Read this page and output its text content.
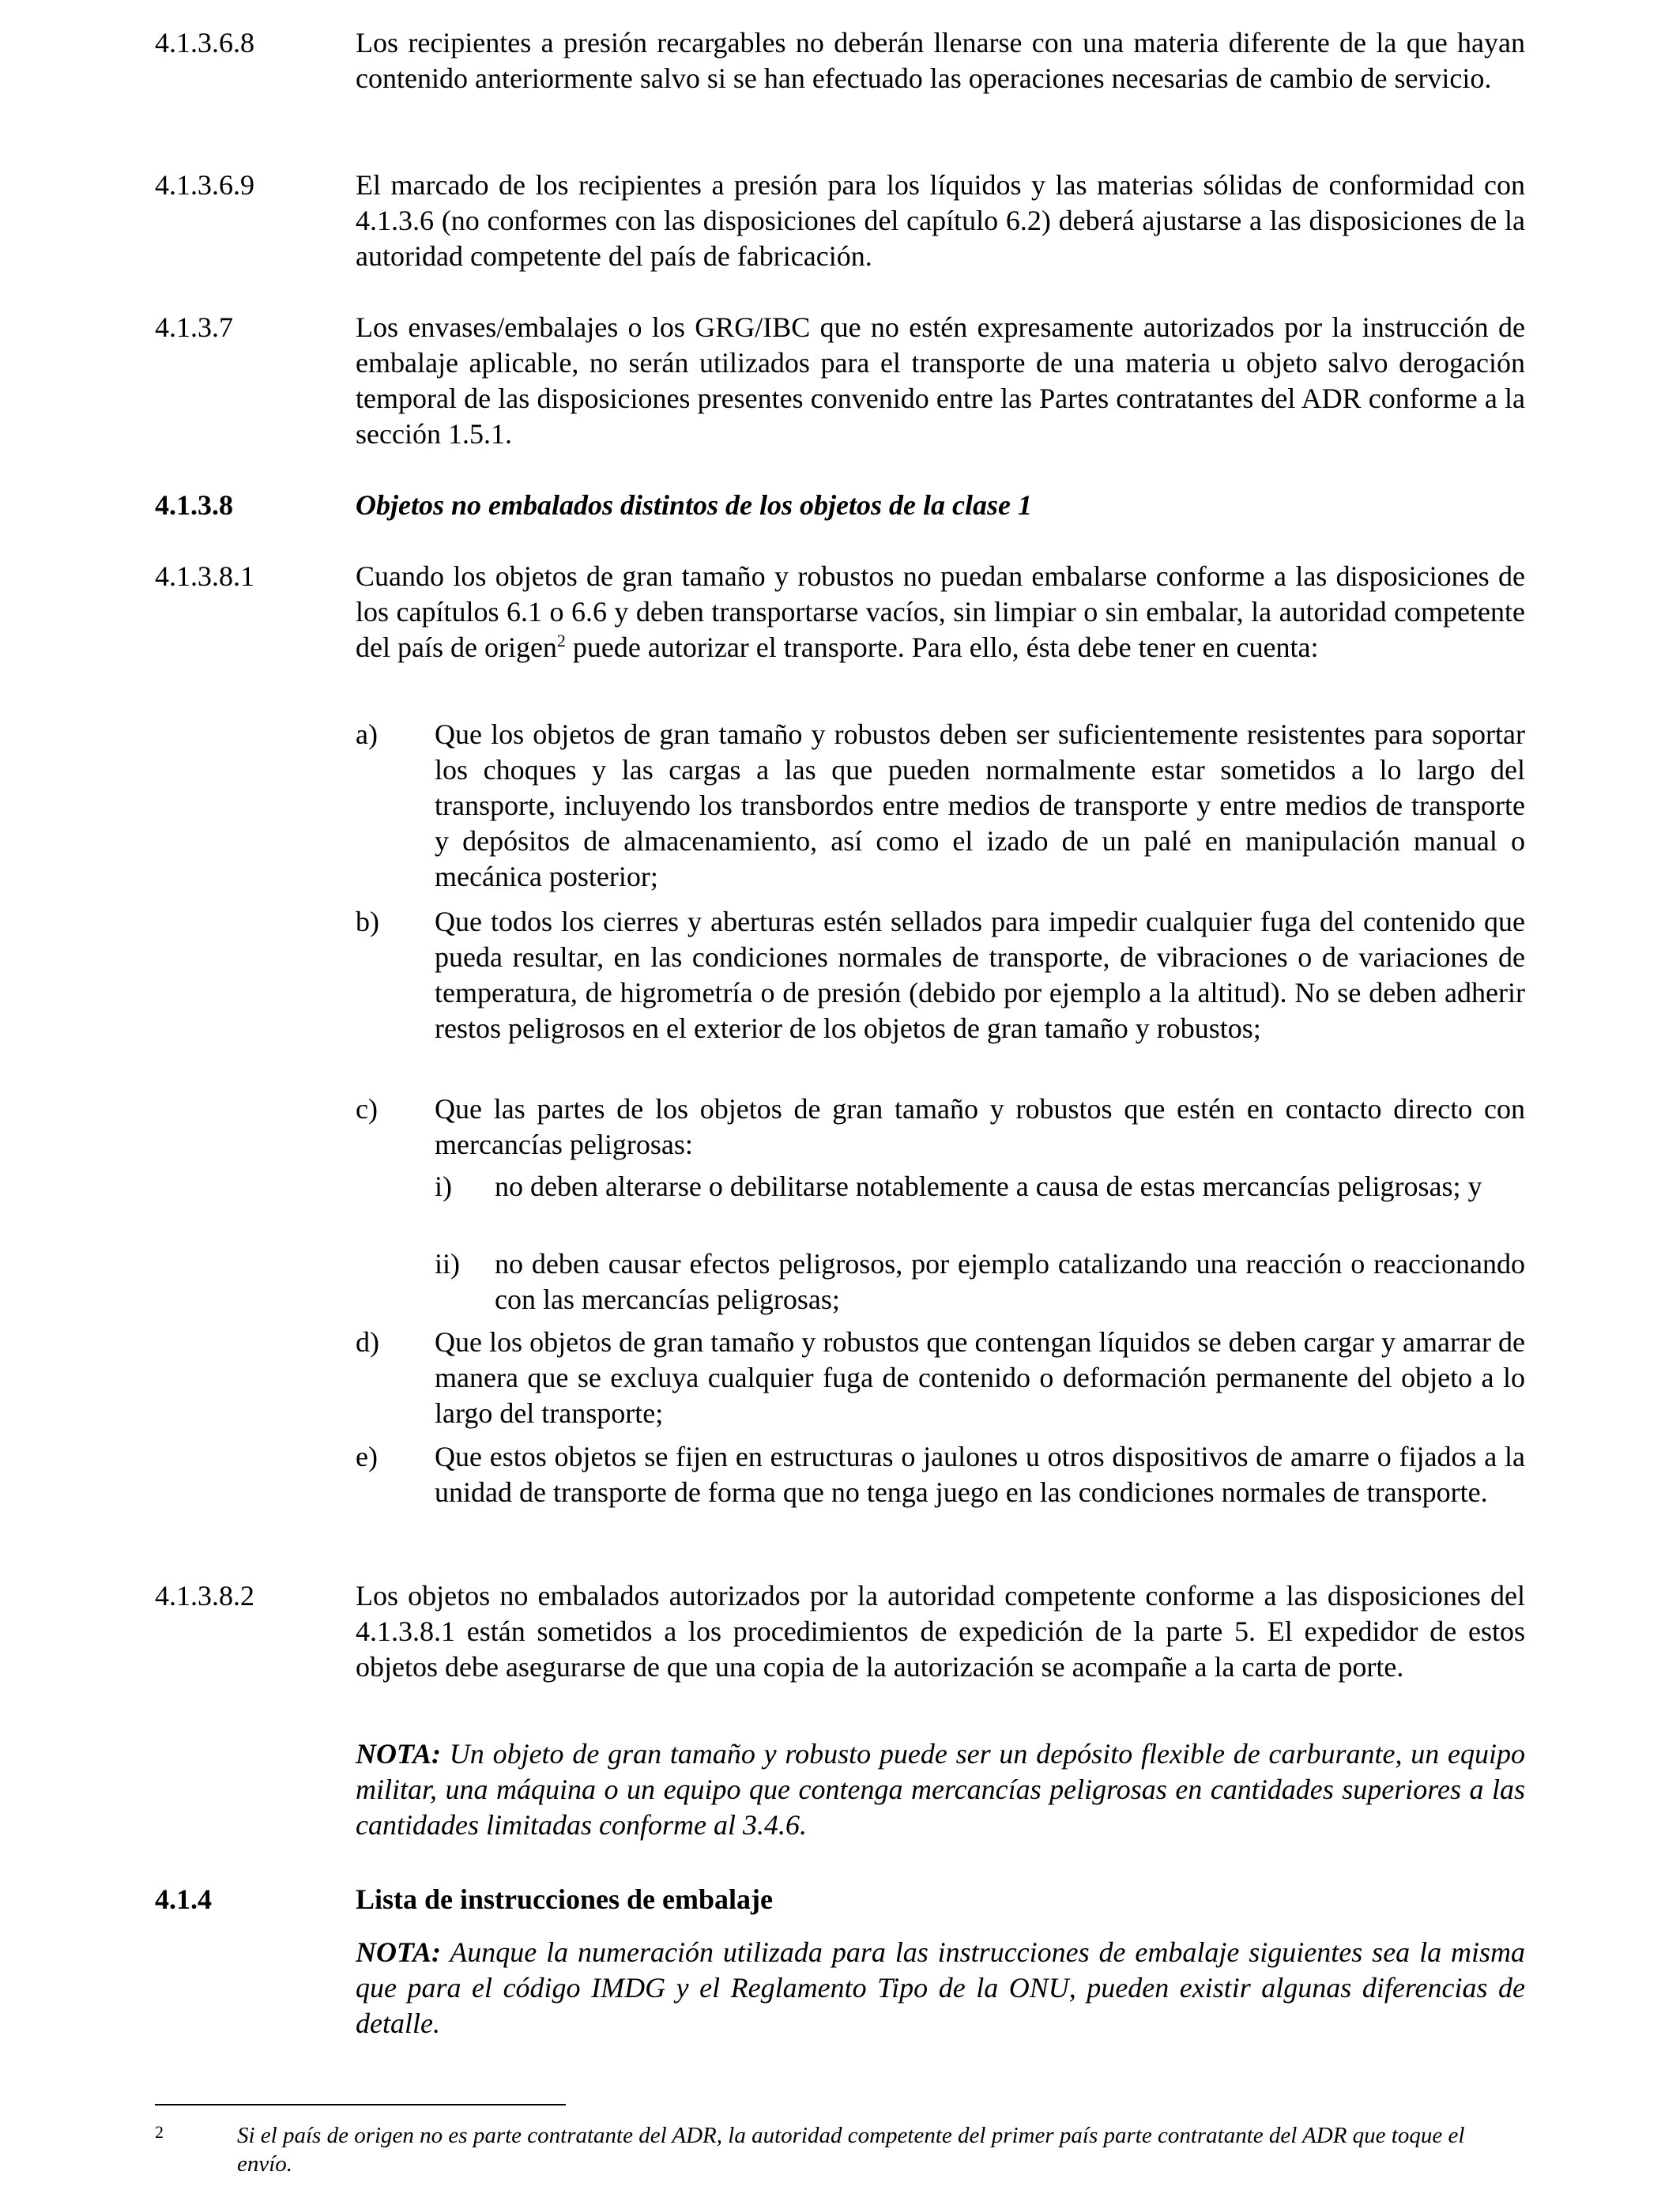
4.1.3.6.8	Los recipientes a presión recargables no deberán llenarse con una materia diferente de la que hayan contenido anteriormente salvo si se han efectuado las operaciones necesarias de cambio de servicio.
4.1.3.6.9	El marcado de los recipientes a presión para los líquidos y las materias sólidas de conformidad con 4.1.3.6 (no conformes con las disposiciones del capítulo 6.2) deberá ajustarse a las disposiciones de la autoridad competente del país de fabricación.
4.1.3.7	Los envases/embalajes o los GRG/IBC que no estén expresamente autorizados por la instrucción de embalaje aplicable, no serán utilizados para el transporte de una materia u objeto salvo derogación temporal de las disposiciones presentes convenido entre las Partes contratantes del ADR conforme a la sección 1.5.1.
4.1.3.8	Objetos no embalados distintos de los objetos de la clase 1
4.1.3.8.1	Cuando los objetos de gran tamaño y robustos no puedan embalarse conforme a las disposiciones de los capítulos 6.1 o 6.6 y deben transportarse vacíos, sin limpiar o sin embalar, la autoridad competente del país de origen$^2$ puede autorizar el transporte. Para ello, ésta debe tener en cuenta:
a) Que los objetos de gran tamaño y robustos deben ser suficientemente resistentes para soportar los choques y las cargas a las que pueden normalmente estar sometidos a lo largo del transporte, incluyendo los transbordos entre medios de transporte y entre medios de transporte y depósitos de almacenamiento, así como el izado de un palé en manipulación manual o mecánica posterior;
b) Que todos los cierres y aberturas estén sellados para impedir cualquier fuga del contenido que pueda resultar, en las condiciones normales de transporte, de vibraciones o de variaciones de temperatura, de higrometría o de presión (debido por ejemplo a la altitud). No se deben adherir restos peligrosos en el exterior de los objetos de gran tamaño y robustos;
c) Que las partes de los objetos de gran tamaño y robustos que estén en contacto directo con mercancías peligrosas:
i) no deben alterarse o debilitarse notablemente a causa de estas mercancías peligrosas; y
ii) no deben causar efectos peligrosos, por ejemplo catalizando una reacción o reaccionando con las mercancías peligrosas;
d) Que los objetos de gran tamaño y robustos que contengan líquidos se deben cargar y amarrar de manera que se excluya cualquier fuga de contenido o deformación permanente del objeto a lo largo del transporte;
e) Que estos objetos se fijen en estructuras o jaulones u otros dispositivos de amarre o fijados a la unidad de transporte de forma que no tenga juego en las condiciones normales de transporte.
4.1.3.8.2	Los objetos no embalados autorizados por la autoridad competente conforme a las disposiciones del 4.1.3.8.1 están sometidos a los procedimientos de expedición de la parte 5. El expedidor de estos objetos debe asegurarse de que una copia de la autorización se acompañe a la carta de porte.
NOTA: Un objeto de gran tamaño y robusto puede ser un depósito flexible de carburante, un equipo militar, una máquina o un equipo que contenga mercancías peligrosas en cantidades superiores a las cantidades limitadas conforme al 3.4.6.
4.1.4	Lista de instrucciones de embalaje
NOTA: Aunque la numeración utilizada para las instrucciones de embalaje siguientes sea la misma que para el código IMDG y el Reglamento Tipo de la ONU, pueden existir algunas diferencias de detalle.
2	Si el país de origen no es parte contratante del ADR, la autoridad competente del primer país parte contratante del ADR que toque el envío.
